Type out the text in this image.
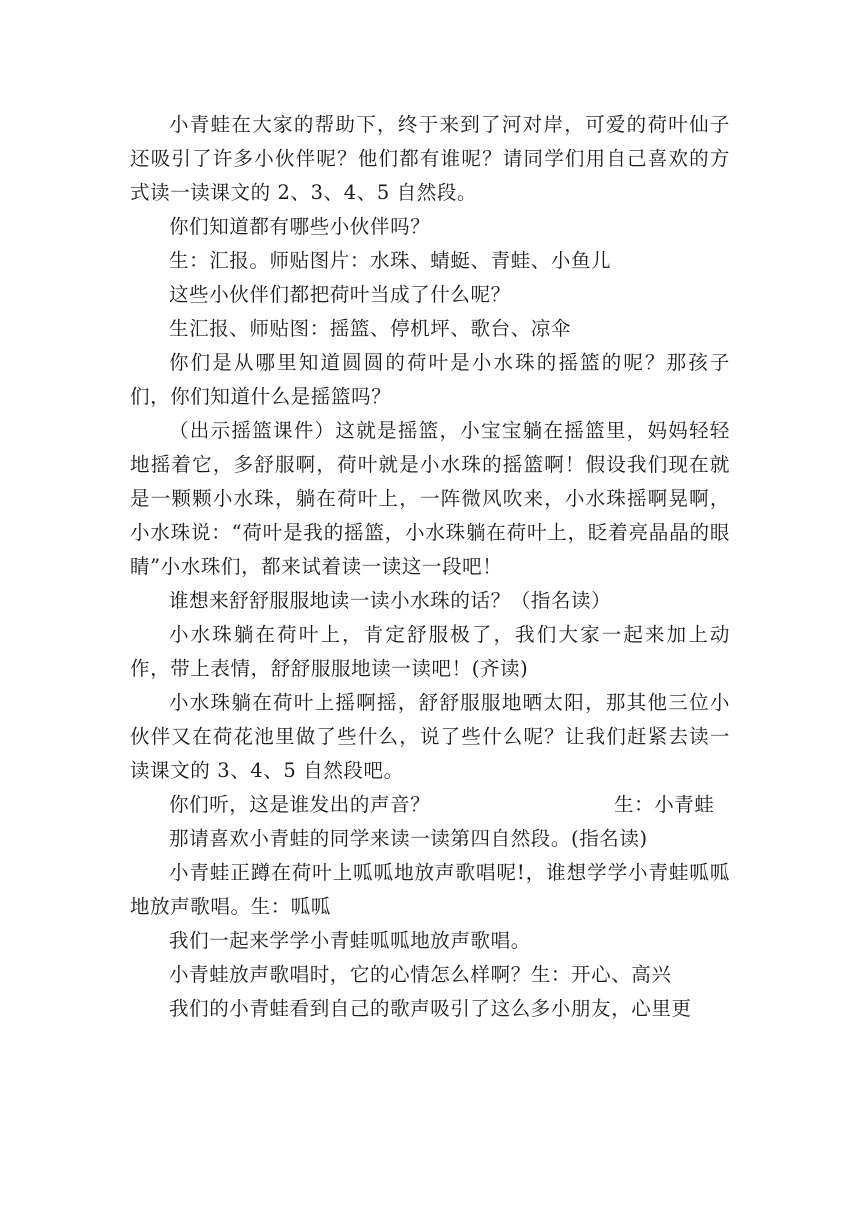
小青蛙在大家的帮助下，终于来到了河对岸，可爱的荷叶仙子还吸引了许多小伙伴呢？他们都有谁呢？请同学们用自己喜欢的方式读一读课文的 2、3、4、5 自然段。

你们知道都有哪些小伙伴吗？

生：汇报。师贴图片：水珠、蜻蜓、青蛙、小鱼儿

这些小伙伴们都把荷叶当成了什么呢？

生汇报、师贴图：摇篮、停机坪、歌台、凉伞

你们是从哪里知道圆圆的荷叶是小水珠的摇篮的呢？那孩子们，你们知道什么是摇篮吗？

（出示摇篮课件）这就是摇篮，小宝宝躺在摇篮里，妈妈轻轻地摇着它，多舒服啊，荷叶就是小水珠的摇篮啊！假设我们现在就是一颗颗小水珠，躺在荷叶上，一阵微风吹来，小水珠摇啊晃啊，小水珠说：“荷叶是我的摇篮，小水珠躺在荷叶上，眨着亮晶晶的眼睛”小水珠们，都来试着读一读这一段吧！

谁想来舒舒服服地读一读小水珠的话？（指名读）

小水珠躺在荷叶上，肯定舒服极了，我们大家一起来加上动作，带上表情，舒舒服服地读一读吧！(齐读)

小水珠躺在荷叶上摇啊摇，舒舒服服地晒太阳，那其他三位小伙伴又在荷花池里做了些什么，说了些什么呢？让我们赶紧去读一读课文的 3、4、5 自然段吧。

你们听，这是谁发出的声音？	生：小青蛙

那请喜欢小青蛙的同学来读一读第四自然段。(指名读)

小青蛙正蹲在荷叶上呱呱地放声歌唱呢!，谁想学学小青蛙呱呱地放声歌唱。生：呱呱

我们一起来学学小青蛙呱呱地放声歌唱。

小青蛙放声歌唱时，它的心情怎么样啊？生：开心、高兴

我们的小青蛙看到自己的歌声吸引了这么多小朋友，心里更
